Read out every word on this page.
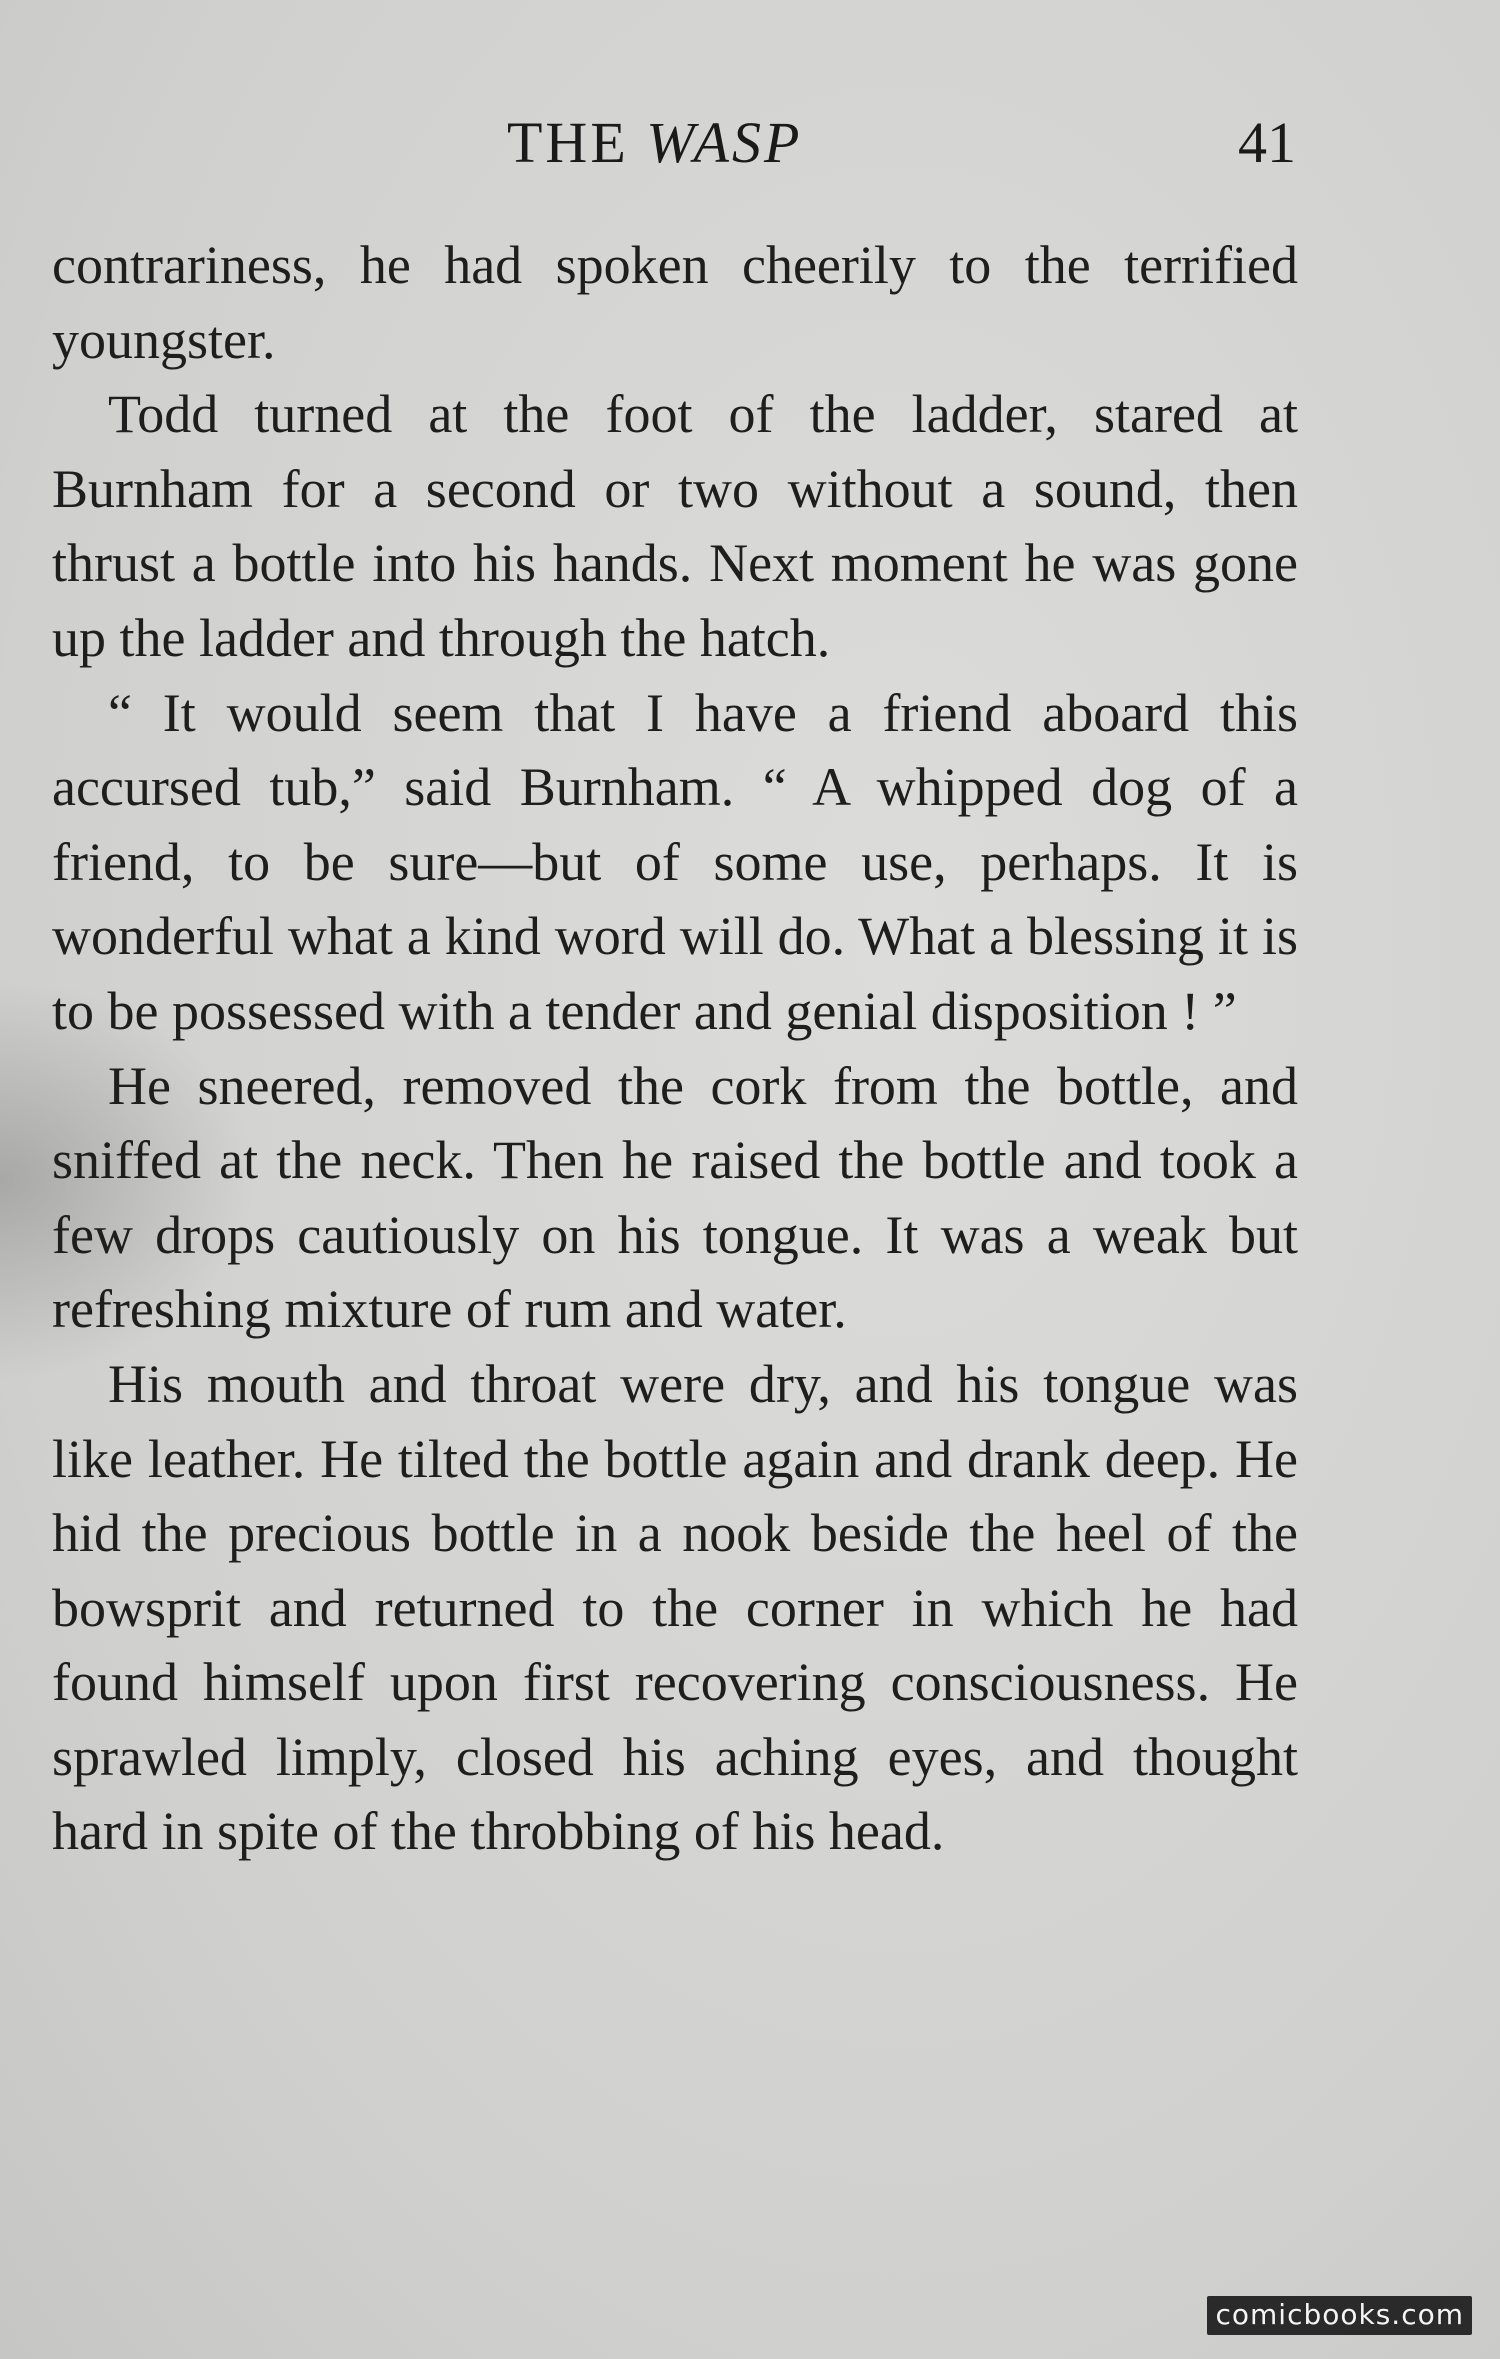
THE WASP	41

contrariness, he had spoken cheerily to the terrified youngster.

Todd turned at the foot of the ladder, stared at Burnham for a second or two without a sound, then thrust a bottle into his hands. Next moment he was gone up the ladder and through the hatch.

“ It would seem that I have a friend aboard this accursed tub,” said Burnham. “ A whipped dog of a friend, to be sure—but of some use, perhaps. It is wonderful what a kind word will do. What a blessing it is to be possessed with a tender and genial disposition ! ”

He sneered, removed the cork from the bottle, and sniffed at the neck. Then he raised the bottle and took a few drops cautiously on his tongue. It was a weak but refreshing mixture of rum and water.

His mouth and throat were dry, and his tongue was like leather. He tilted the bottle again and drank deep. He hid the precious bottle in a nook beside the heel of the bowsprit and returned to the corner in which he had found himself upon first recovering consciousness. He sprawled limply, closed his aching eyes, and thought hard in spite of the throbbing of his head.

comicbooks.com
